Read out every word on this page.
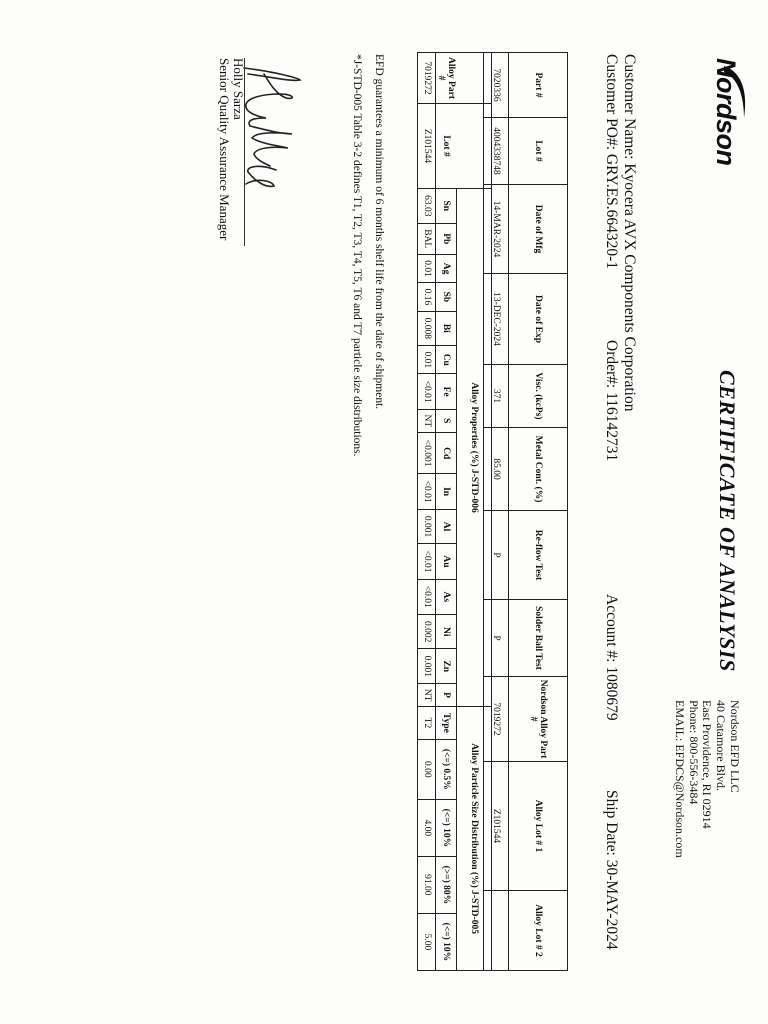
Nordson
CERTIFICATE OF ANALYSIS
Nordson EFD LLC
40 Catamore Blvd.
East Providence, RI 02914
Phone: 800-556-3484
EMAIL: EFDCS@Nordson.com
Customer Name: Kyocera AVX Components Corporation
Customer PO#: GRY.ES.664320-1
Order#: 116142731
Account #: 1080679
Ship Date: 30-MAY-2024
Part #	Lot #	Date of Mfg	Date of Exp	Visc. (kcPs)	Metal Cont. (%)	Re-flow Test	Solder Ball Test	Nordson Alloy Part #	Alloy Lot # 1	Alloy Lot # 2
7020336	4004338748	14-MAR-2024	13-DEC-2024	371	85.00	P	P	7019272	Z101544	
		Alloy Properties (%) J-STD-006																Alloy Particle Size Distribution (%) J-STD-005				
Alloy Part #	Lot #	Sn	Pb	Ag	Sb	Bi	Cu	Fe	S	Cd	In	Al	Au	As	Ni	Zn	P	Type	(<=) 0.5%	(<=) 10%	(>=) 80%	(<=) 10%
7019272	Z101544	63.03	BAL	0.01	0.16	0.008	0.01	<0.01	NT	<0.001	<0.01	0.001	<0.01	<0.01	0.002	0.001	NT	T2	0.00	4.00	91.00	5.00
EFD guarantees a minimum of 6 months shelf life from the date of shipment.
*J-STD-005 Table 3-2 defines T1, T2, T3, T4, T5, T6 and T7 particle size distributions.
Holly Sarza
Senior Quality Assurance Manager
